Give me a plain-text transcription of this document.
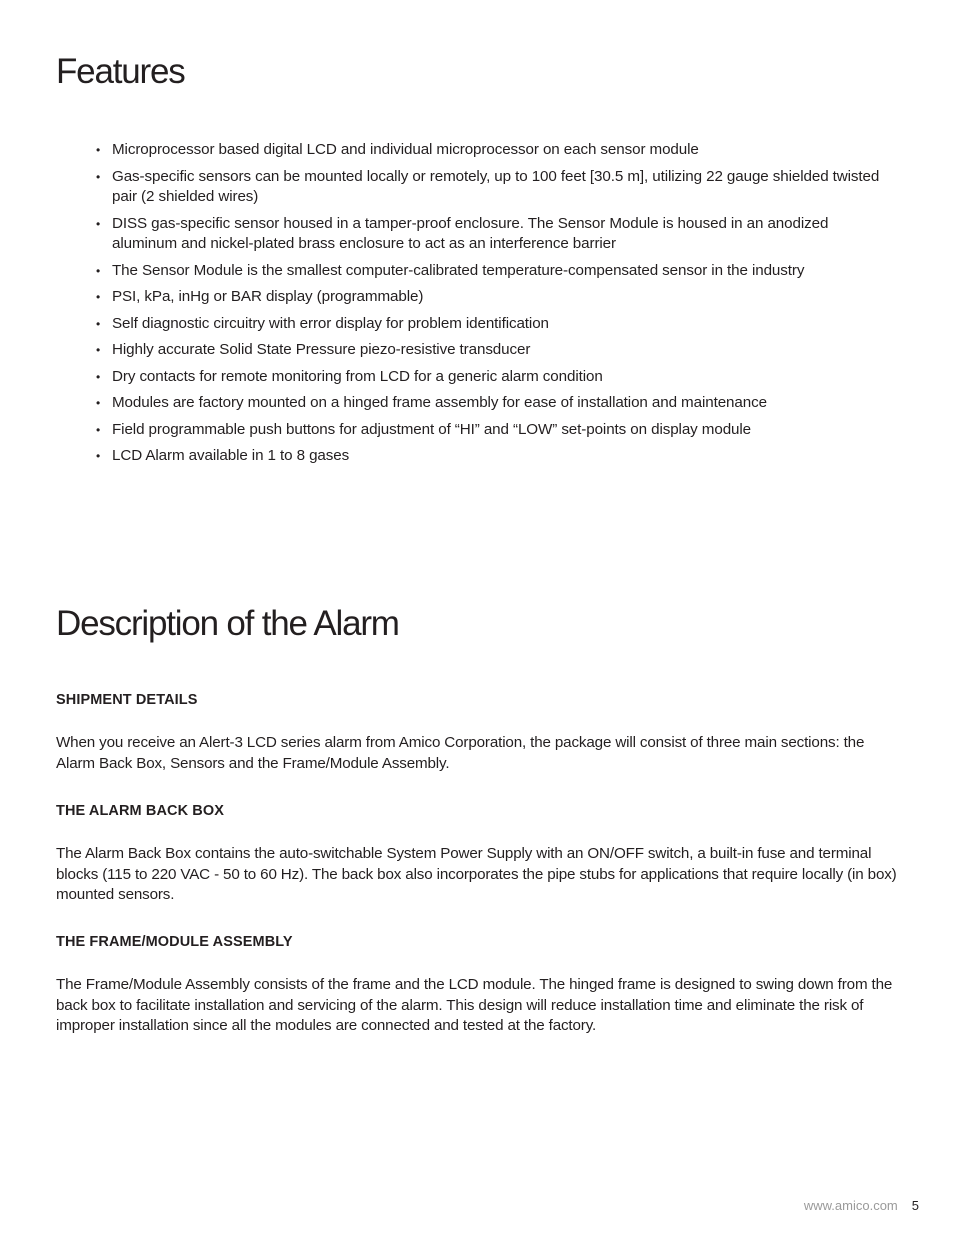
Features
• Microprocessor based digital LCD and individual microprocessor on each sensor module
• Gas-specific sensors can be mounted locally or remotely, up to 100 feet [30.5 m], utilizing 22 gauge shielded twisted pair (2 shielded wires)
• DISS gas-specific sensor housed in a tamper-proof enclosure. The Sensor Module is housed in an anodized aluminum and nickel-plated brass enclosure to act as an interference barrier
• The Sensor Module is the smallest computer-calibrated temperature-compensated sensor in the industry
• PSI, kPa, inHg or BAR display (programmable)
• Self diagnostic circuitry with error display for problem identification
• Highly accurate Solid State Pressure piezo-resistive transducer
• Dry contacts for remote monitoring from LCD for a generic alarm condition
• Modules are factory mounted on a hinged frame assembly for ease of installation and maintenance
• Field programmable push buttons for adjustment of “HI” and “LOW” set-points on display module
• LCD Alarm available in 1 to 8 gases
Description of the Alarm
SHIPMENT DETAILS

When you receive an Alert-3 LCD series alarm from Amico Corporation, the package will consist of three main sections: the Alarm Back Box, Sensors and the Frame/Module Assembly.

THE ALARM BACK BOX

The Alarm Back Box contains the auto-switchable System Power Supply with an ON/OFF switch, a built-in fuse and terminal blocks (115 to 220 VAC - 50 to 60 Hz). The back box also incorporates the pipe stubs for applications that require locally (in box) mounted sensors.

THE FRAME/MODULE ASSEMBLY

The Frame/Module Assembly consists of the frame and the LCD module. The hinged frame is designed to swing down from the back box to facilitate installation and servicing of the alarm. This design will reduce installation time and eliminate the risk of improper installation since all the modules are connected and tested at the factory.

www.amico.com 5
